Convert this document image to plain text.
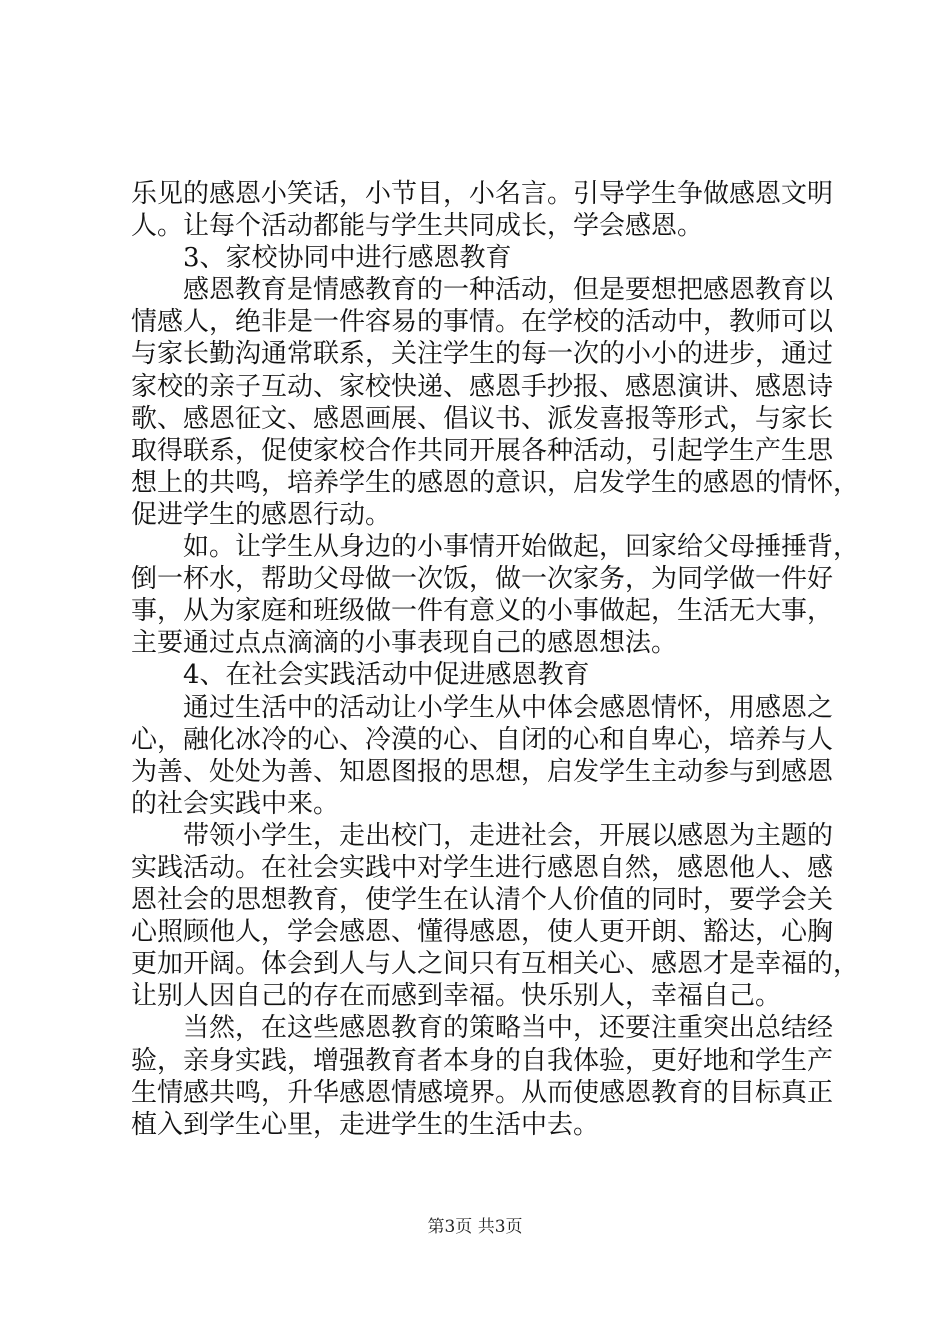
乐见的感恩小笑话，小节目，小名言。引导学生争做感恩文明
人。让每个活动都能与学生共同成长，学会感恩。
3、家校协同中进行感恩教育
感恩教育是情感教育的一种活动，但是要想把感恩教育以
情感人，绝非是一件容易的事情。在学校的活动中，教师可以
与家长勤沟通常联系，关注学生的每一次的小小的进步，通过
家校的亲子互动、家校快递、感恩手抄报、感恩演讲、感恩诗
歌、感恩征文、感恩画展、倡议书、派发喜报等形式，与家长
取得联系，促使家校合作共同开展各种活动，引起学生产生思
想上的共鸣，培养学生的感恩的意识，启发学生的感恩的情怀，
促进学生的感恩行动。
如。让学生从身边的小事情开始做起，回家给父母捶捶背，
倒一杯水，帮助父母做一次饭，做一次家务，为同学做一件好
事，从为家庭和班级做一件有意义的小事做起，生活无大事，
主要通过点点滴滴的小事表现自己的感恩想法。
4、在社会实践活动中促进感恩教育
通过生活中的活动让小学生从中体会感恩情怀，用感恩之
心，融化冰冷的心、冷漠的心、自闭的心和自卑心，培养与人
为善、处处为善、知恩图报的思想，启发学生主动参与到感恩
的社会实践中来。
带领小学生，走出校门，走进社会，开展以感恩为主题的
实践活动。在社会实践中对学生进行感恩自然，感恩他人、感
恩社会的思想教育，使学生在认清个人价值的同时，要学会关
心照顾他人，学会感恩、懂得感恩，使人更开朗、豁达，心胸
更加开阔。体会到人与人之间只有互相关心、感恩才是幸福的，
让别人因自己的存在而感到幸福。快乐别人，幸福自己。
当然，在这些感恩教育的策略当中，还要注重突出总结经
验，亲身实践，增强教育者本身的自我体验，更好地和学生产
生情感共鸣，升华感恩情感境界。从而使感恩教育的目标真正
植入到学生心里，走进学生的生活中去。
第3页 共3页
